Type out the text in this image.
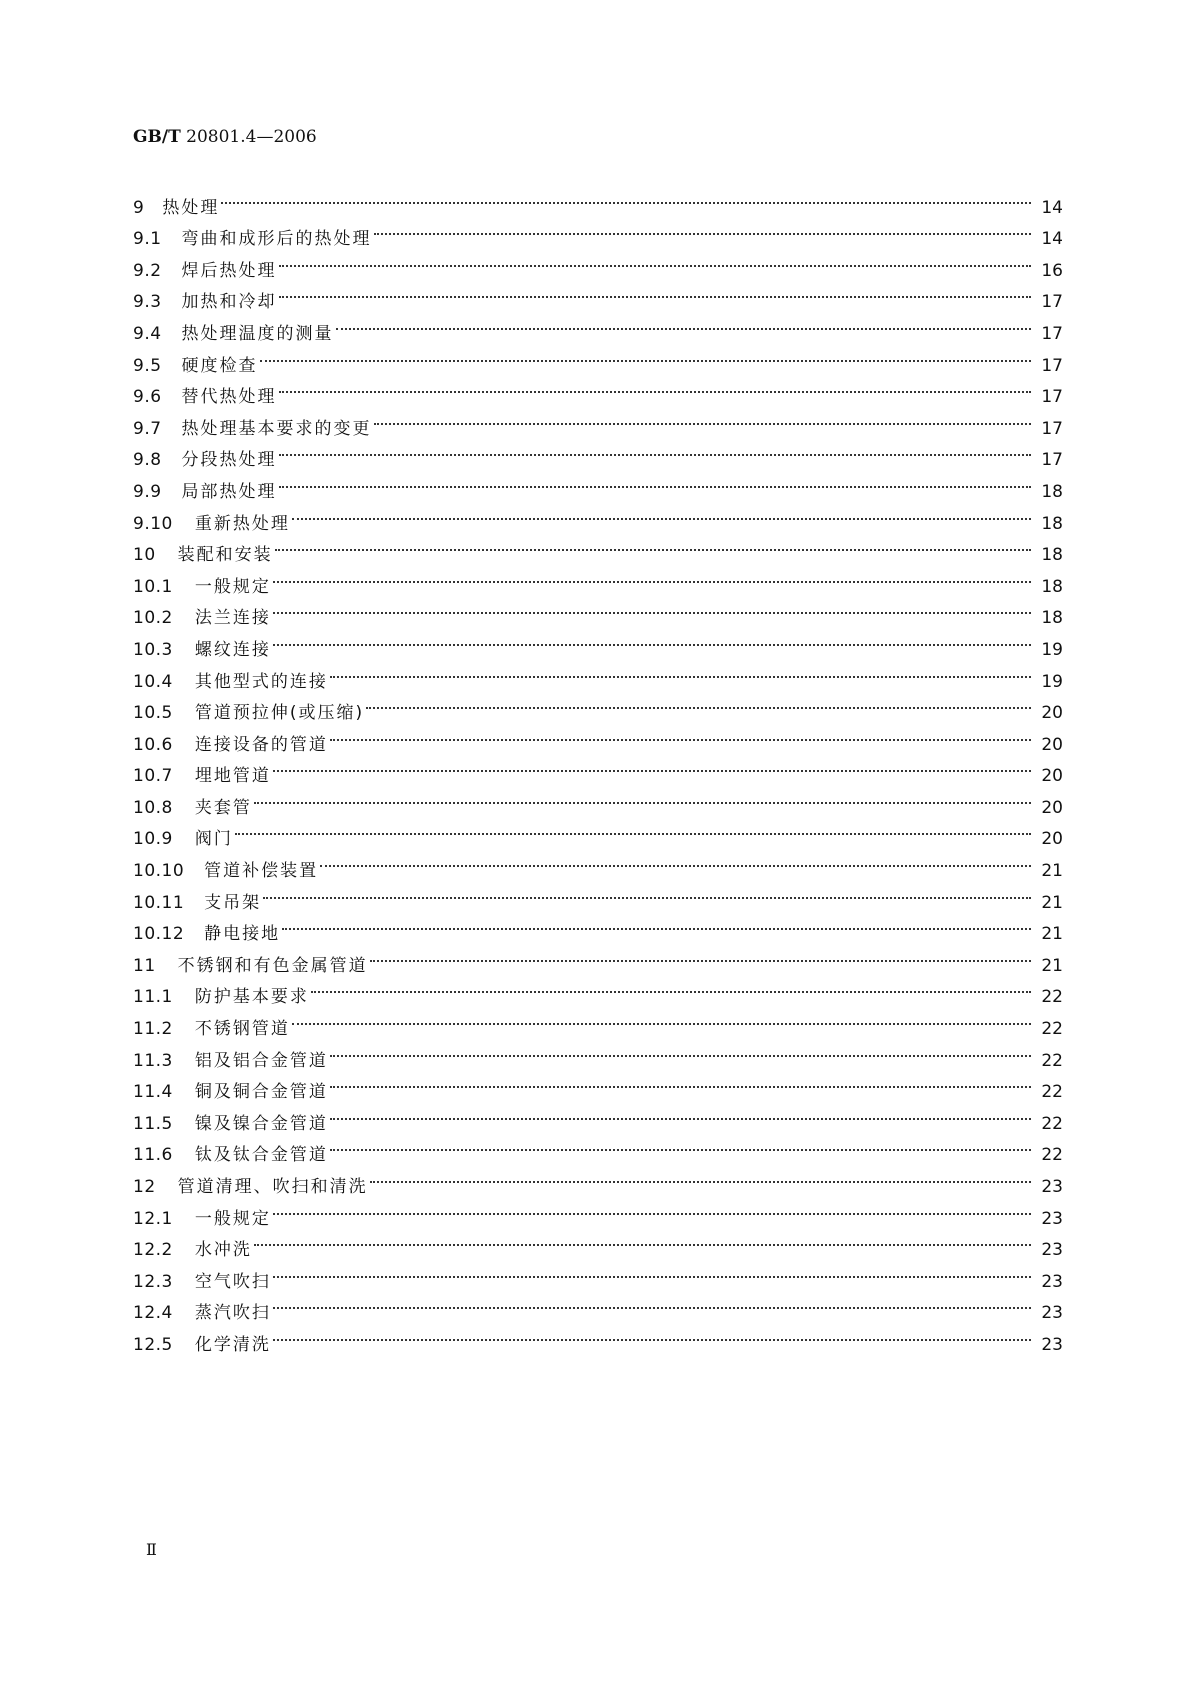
GB/T 20801.4—2006
9 热处理	14
9.1 弯曲和成形后的热处理	14
9.2 焊后热处理	16
9.3 加热和冷却	17
9.4 热处理温度的测量	17
9.5 硬度检查	17
9.6 替代热处理	17
9.7 热处理基本要求的变更	17
9.8 分段热处理	17
9.9 局部热处理	18
9.10 重新热处理	18
10 装配和安装	18
10.1 一般规定	18
10.2 法兰连接	18
10.3 螺纹连接	19
10.4 其他型式的连接	19
10.5 管道预拉伸(或压缩)	20
10.6 连接设备的管道	20
10.7 埋地管道	20
10.8 夹套管	20
10.9 阀门	20
10.10 管道补偿装置	21
10.11 支吊架	21
10.12 静电接地	21
11 不锈钢和有色金属管道	21
11.1 防护基本要求	22
11.2 不锈钢管道	22
11.3 铝及铝合金管道	22
11.4 铜及铜合金管道	22
11.5 镍及镍合金管道	22
11.6 钛及钛合金管道	22
12 管道清理、吹扫和清洗	23
12.1 一般规定	23
12.2 水冲洗	23
12.3 空气吹扫	23
12.4 蒸汽吹扫	23
12.5 化学清洗	23
Ⅱ
